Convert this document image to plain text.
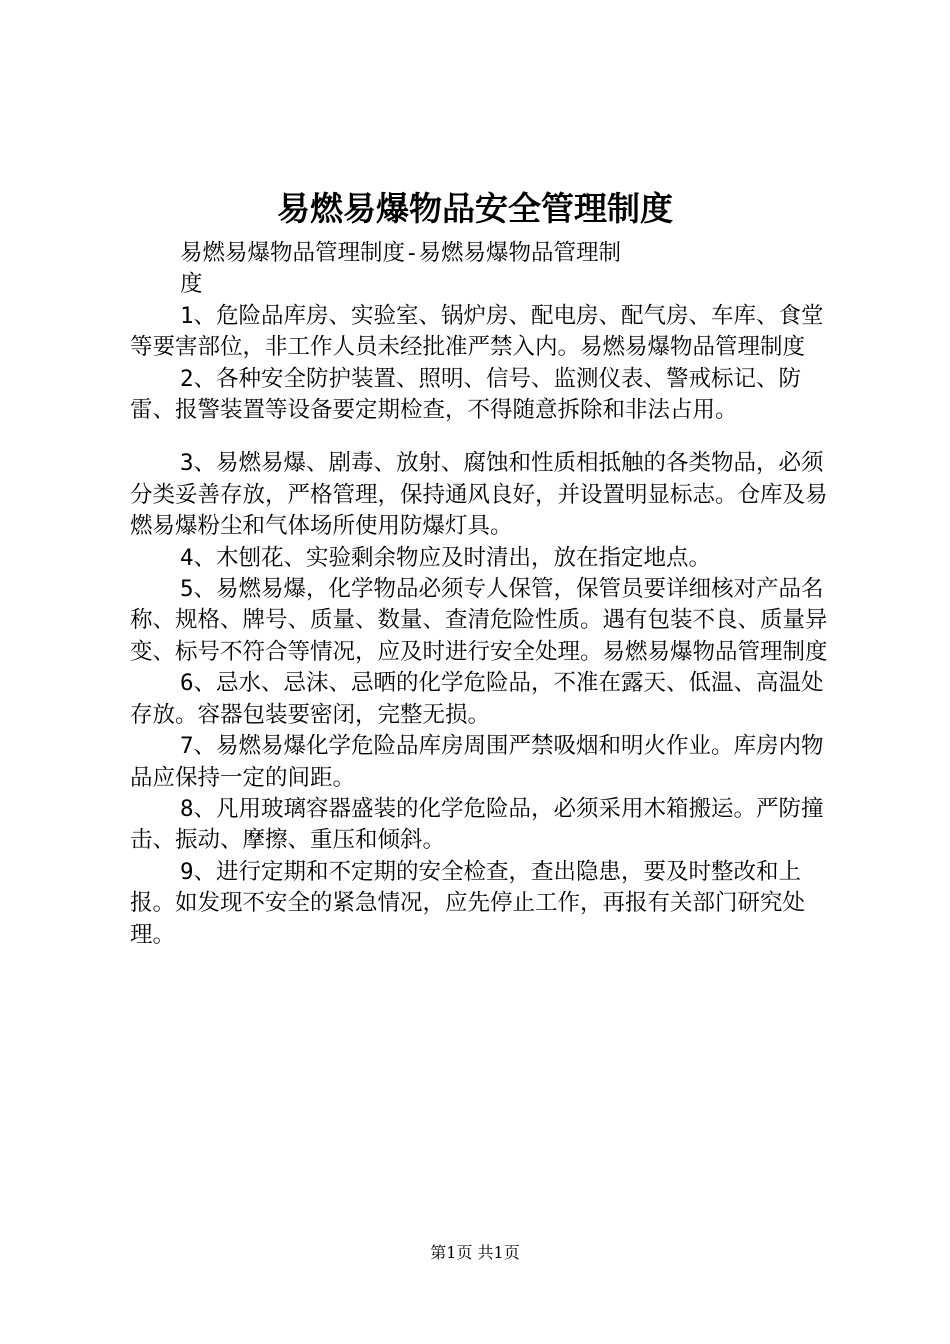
易燃易爆物品安全管理制度

易燃易爆物品管理制度-易燃易爆物品管理制度

1、危险品库房、实验室、锅炉房、配电房、配气房、车库、食堂等要害部位，非工作人员未经批准严禁入内。易燃易爆物品管理制度

2、各种安全防护装置、照明、信号、监测仪表、警戒标记、防雷、报警装置等设备要定期检查，不得随意拆除和非法占用。

3、易燃易爆、剧毒、放射、腐蚀和性质相抵触的各类物品，必须分类妥善存放，严格管理，保持通风良好，并设置明显标志。仓库及易燃易爆粉尘和气体场所使用防爆灯具。

4、木刨花、实验剩余物应及时清出，放在指定地点。

5、易燃易爆，化学物品必须专人保管，保管员要详细核对产品名称、规格、牌号、质量、数量、查清危险性质。遇有包装不良、质量异变、标号不符合等情况，应及时进行安全处理。易燃易爆物品管理制度

6、忌水、忌沫、忌晒的化学危险品，不准在露天、低温、高温处存放。容器包装要密闭，完整无损。

7、易燃易爆化学危险品库房周围严禁吸烟和明火作业。库房内物品应保持一定的间距。

8、凡用玻璃容器盛装的化学危险品，必须采用木箱搬运。严防撞击、振动、摩擦、重压和倾斜。

9、进行定期和不定期的安全检查，查出隐患，要及时整改和上报。如发现不安全的紧急情况，应先停止工作，再报有关部门研究处理。

第1页 共1页
